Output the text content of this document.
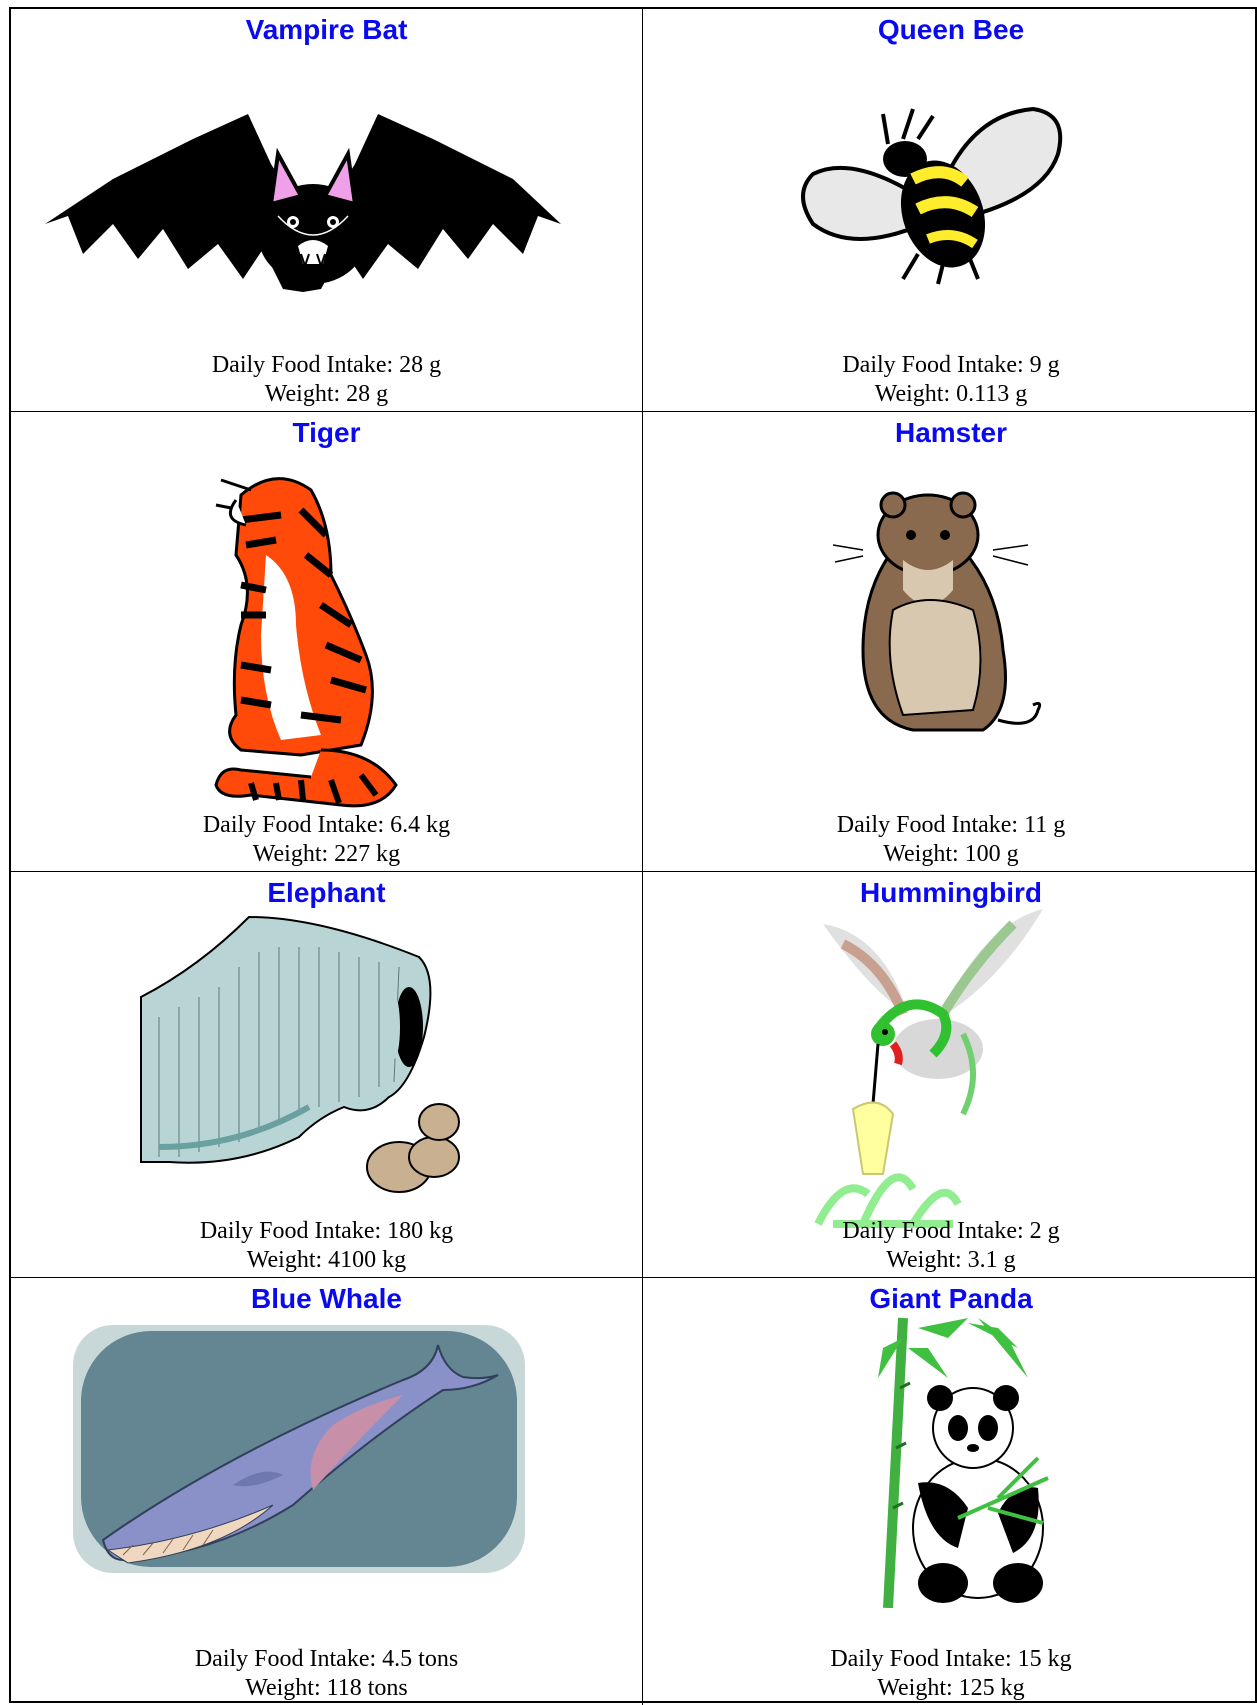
Vampire Bat
Daily Food Intake: 28 g
Weight: 28 g
Queen Bee
Daily Food Intake: 9 g
Weight: 0.113 g
Tiger
Daily Food Intake: 6.4 kg
Weight: 227 kg
Hamster
Daily Food Intake: 11 g
Weight: 100 g
Elephant
Daily Food Intake: 180 kg
Weight: 4100 kg
Hummingbird
Daily Food Intake: 2 g
Weight: 3.1 g
Blue Whale
Daily Food Intake: 4.5 tons
Weight: 118 tons
Giant Panda
Daily Food Intake: 15 kg
Weight: 125 kg
